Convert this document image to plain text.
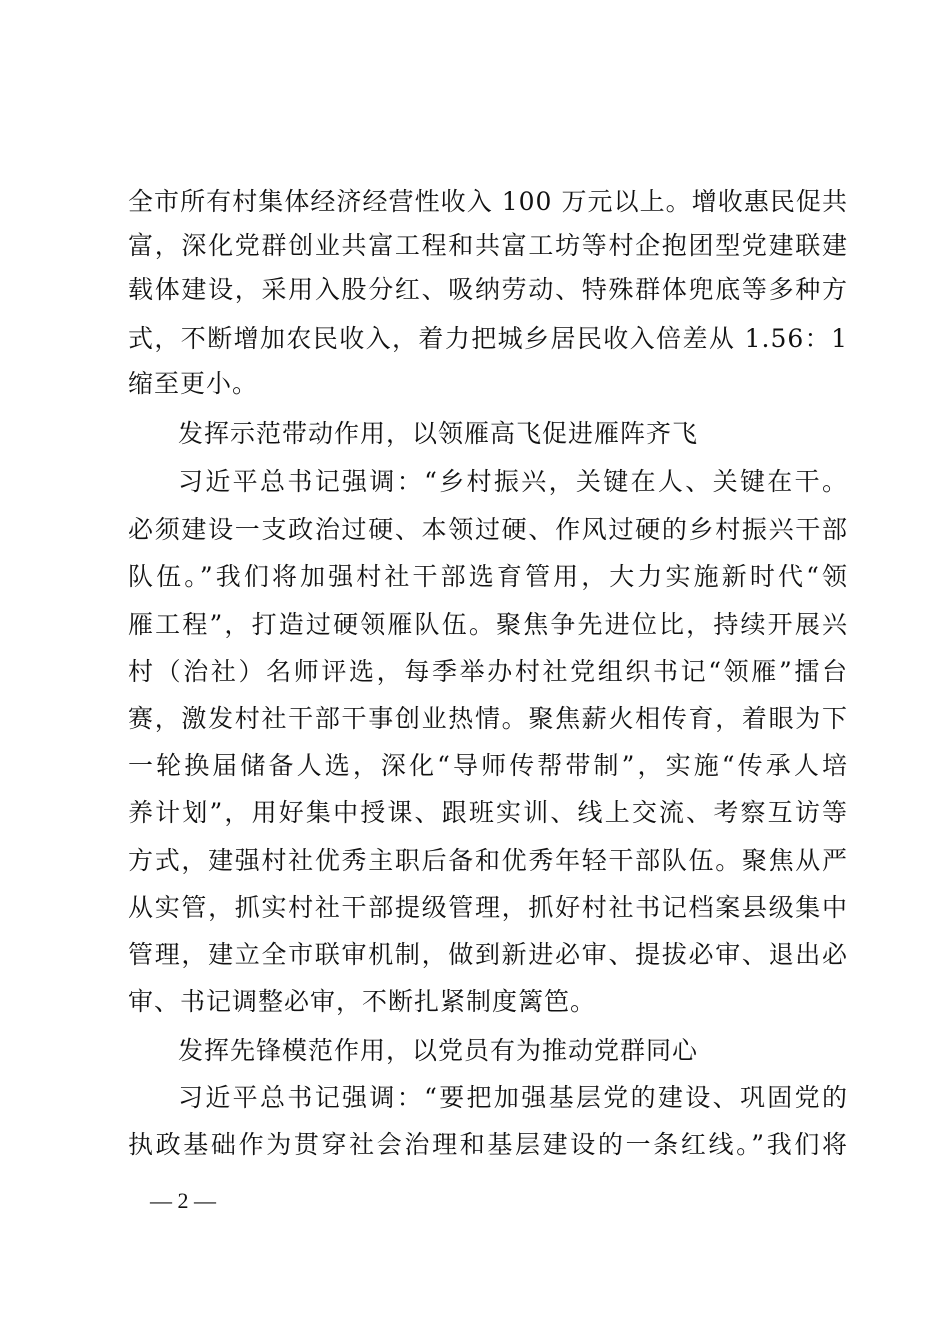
全市所有村集体经济经营性收入 100 万元以上。增收惠民促共
富，深化党群创业共富工程和共富工坊等村企抱团型党建联建
载体建设，采用入股分红、吸纳劳动、特殊群体兜底等多种方
式，不断增加农民收入，着力把城乡居民收入倍差从 1.56：1
缩至更小。
发挥示范带动作用，以领雁高飞促进雁阵齐飞
习近平总书记强调：“乡村振兴，关键在人、关键在干。
必须建设一支政治过硬、本领过硬、作风过硬的乡村振兴干部
队伍。”我们将加强村社干部选育管用，大力实施新时代“领
雁工程”，打造过硬领雁队伍。聚焦争先进位比，持续开展兴
村（治社）名师评选，每季举办村社党组织书记“领雁”擂台
赛，激发村社干部干事创业热情。聚焦薪火相传育，着眼为下
一轮换届储备人选，深化“导师传帮带制”，实施“传承人培
养计划”，用好集中授课、跟班实训、线上交流、考察互访等
方式，建强村社优秀主职后备和优秀年轻干部队伍。聚焦从严
从实管，抓实村社干部提级管理，抓好村社书记档案县级集中
管理，建立全市联审机制，做到新进必审、提拔必审、退出必
审、书记调整必审，不断扎紧制度篱笆。
发挥先锋模范作用，以党员有为推动党群同心
习近平总书记强调：“要把加强基层党的建设、巩固党的
执政基础作为贯穿社会治理和基层建设的一条红线。”我们将
— 2 —
